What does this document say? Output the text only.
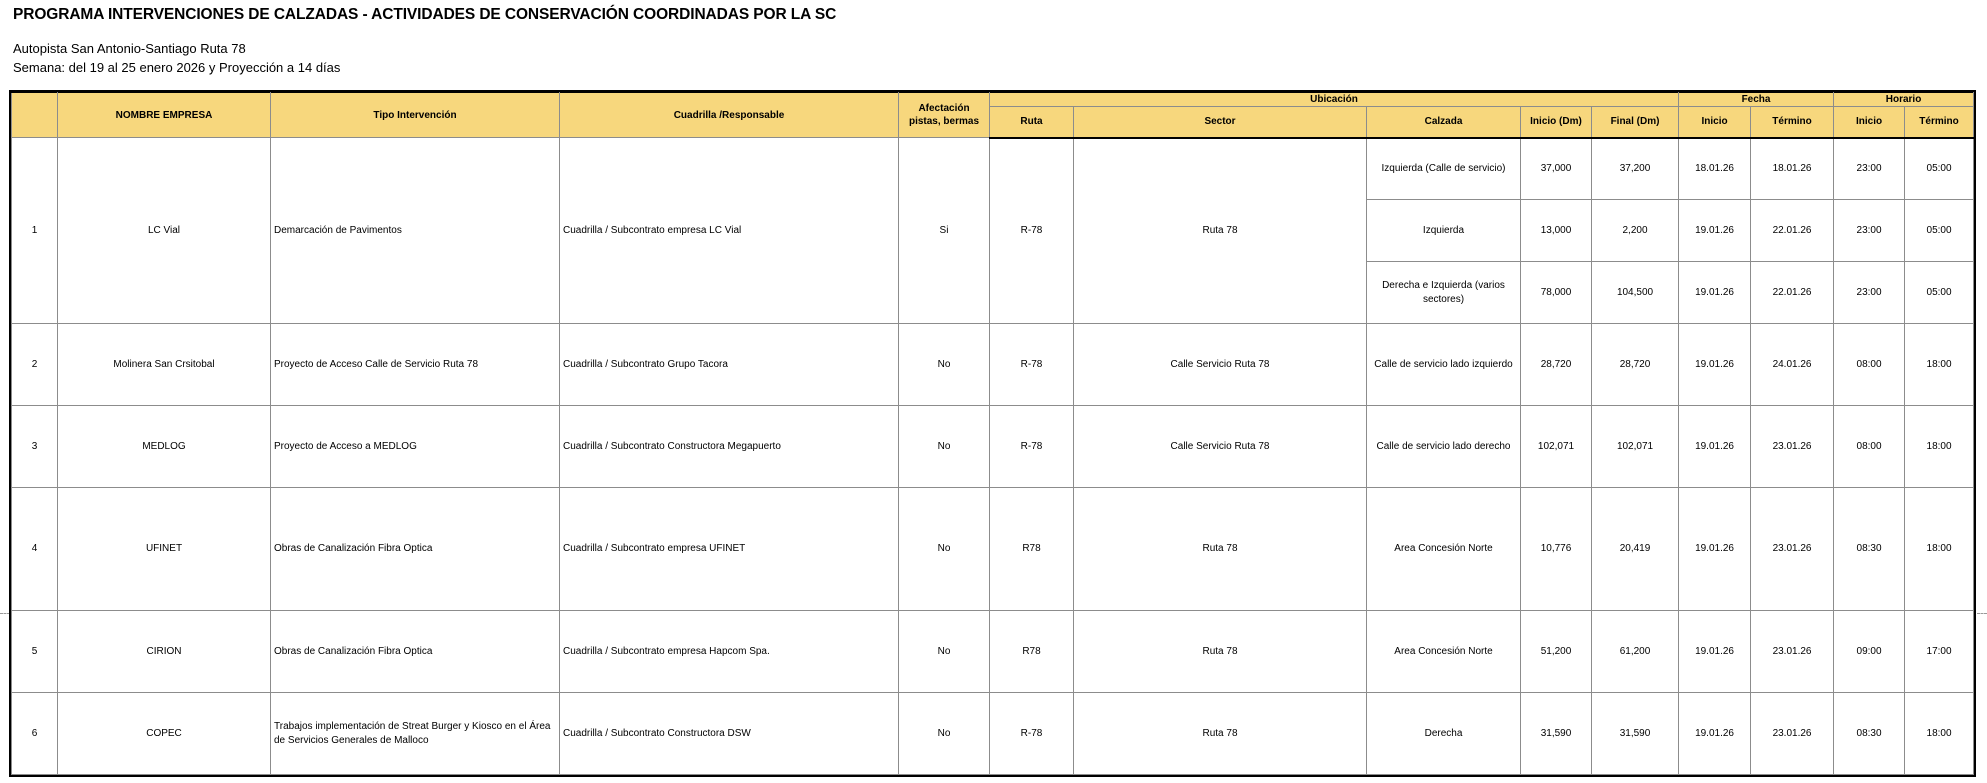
PROGRAMA INTERVENCIONES DE CALZADAS - ACTIVIDADES DE CONSERVACIÓN COORDINADAS POR LA SC
Autopista San Antonio-Santiago Ruta 78
Semana: del 19 al 25 enero 2026 y Proyección a 14 días
	NOMBRE EMPRESA	Tipo Intervención	Cuadrilla /Responsable	Afectación pistas, bermas	Ubicación					Fecha		Horario	
					Ruta	Sector	Calzada	Inicio (Dm)	Final (Dm)	Inicio	Término	Inicio	Término
1	LC Vial	Demarcación de Pavimentos	Cuadrilla / Subcontrato empresa LC Vial	Si	R-78	Ruta 78	Izquierda (Calle de servicio)	37,000	37,200	18.01.26	18.01.26	23:00	05:00
							Izquierda	13,000	2,200	19.01.26	22.01.26	23:00	05:00
							Derecha e Izquierda (varios sectores)	78,000	104,500	19.01.26	22.01.26	23:00	05:00
2	Molinera San Crsitobal	Proyecto de Acceso Calle de Servicio Ruta 78	Cuadrilla / Subcontrato Grupo Tacora	No	R-78	Calle Servicio Ruta 78	Calle de servicio lado izquierdo	28,720	28,720	19.01.26	24.01.26	08:00	18:00
3	MEDLOG	Proyecto de Acceso a MEDLOG	Cuadrilla / Subcontrato Constructora Megapuerto	No	R-78	Calle Servicio Ruta 78	Calle de servicio lado derecho	102,071	102,071	19.01.26	23.01.26	08:00	18:00
4	UFINET	Obras de Canalización Fibra Optica	Cuadrilla / Subcontrato empresa UFINET	No	R78	Ruta 78	Area Concesión Norte	10,776	20,419	19.01.26	23.01.26	08:30	18:00
5	CIRION	Obras de Canalización Fibra Optica	Cuadrilla / Subcontrato empresa Hapcom Spa.	No	R78	Ruta 78	Area Concesión Norte	51,200	61,200	19.01.26	23.01.26	09:00	17:00
6	COPEC	Trabajos implementación de Streat Burger y Kiosco en el Área de Servicios Generales de Malloco	Cuadrilla / Subcontrato Constructora DSW	No	R-78	Ruta 78	Derecha	31,590	31,590	19.01.26	23.01.26	08:30	18:00
